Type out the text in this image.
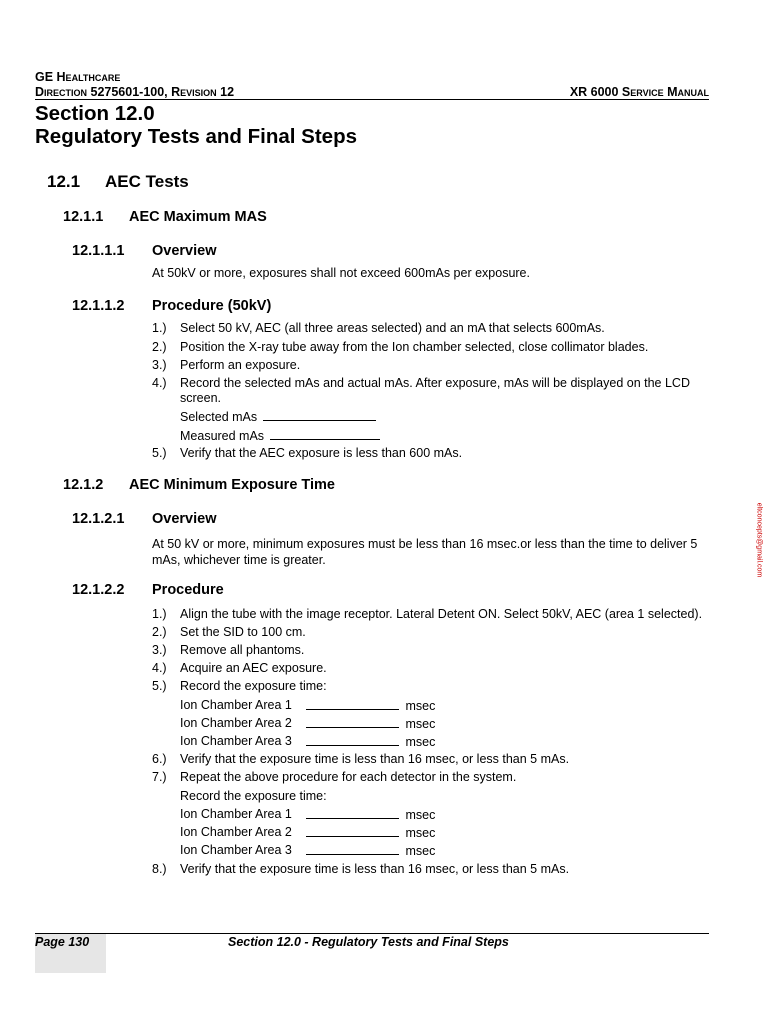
GE Healthcare
Direction 5275601-100, Revision 12	XR 6000 Service Manual
Section 12.0
Regulatory Tests and Final Steps
12.1 AEC Tests
12.1.1 AEC Maximum MAS
12.1.1.1 Overview
At 50kV or more, exposures shall not exceed 600mAs per exposure.
12.1.1.2 Procedure (50kV)
1.) Select 50 kV, AEC (all three areas selected) and an mA that selects 600mAs.
2.) Position the X-ray tube away from the Ion chamber selected, close collimator blades.
3.) Perform an exposure.
4.) Record the selected mAs and actual mAs. After exposure, mAs will be displayed on the LCD
screen.
Selected mAs
Measured mAs
5.) Verify that the AEC exposure is less than 600 mAs.
12.1.2 AEC Minimum Exposure Time
12.1.2.1 Overview
At 50 kV or more, minimum exposures must be less than 16 msec.or less than the time to deliver 5
mAs, whichever time is greater.
12.1.2.2 Procedure
1.) Align the tube with the image receptor. Lateral Detent ON. Select 50kV, AEC (area 1 selected).
2.) Set the SID to 100 cm.
3.) Remove all phantoms.
4.) Acquire an AEC exposure.
5.) Record the exposure time:
Ion Chamber Area 1	msec
Ion Chamber Area 2	msec
Ion Chamber Area 3	msec
6.) Verify that the exposure time is less than 16 msec, or less than 5 mAs.
7.) Repeat the above procedure for each detector in the system.
Record the exposure time:
Ion Chamber Area 1	msec
Ion Chamber Area 2	msec
Ion Chamber Area 3	msec
8.) Verify that the exposure time is less than 16 msec, or less than 5 mAs.
eltconcepts@gmail.com
Page 130	Section 12.0 - Regulatory Tests and Final Steps
